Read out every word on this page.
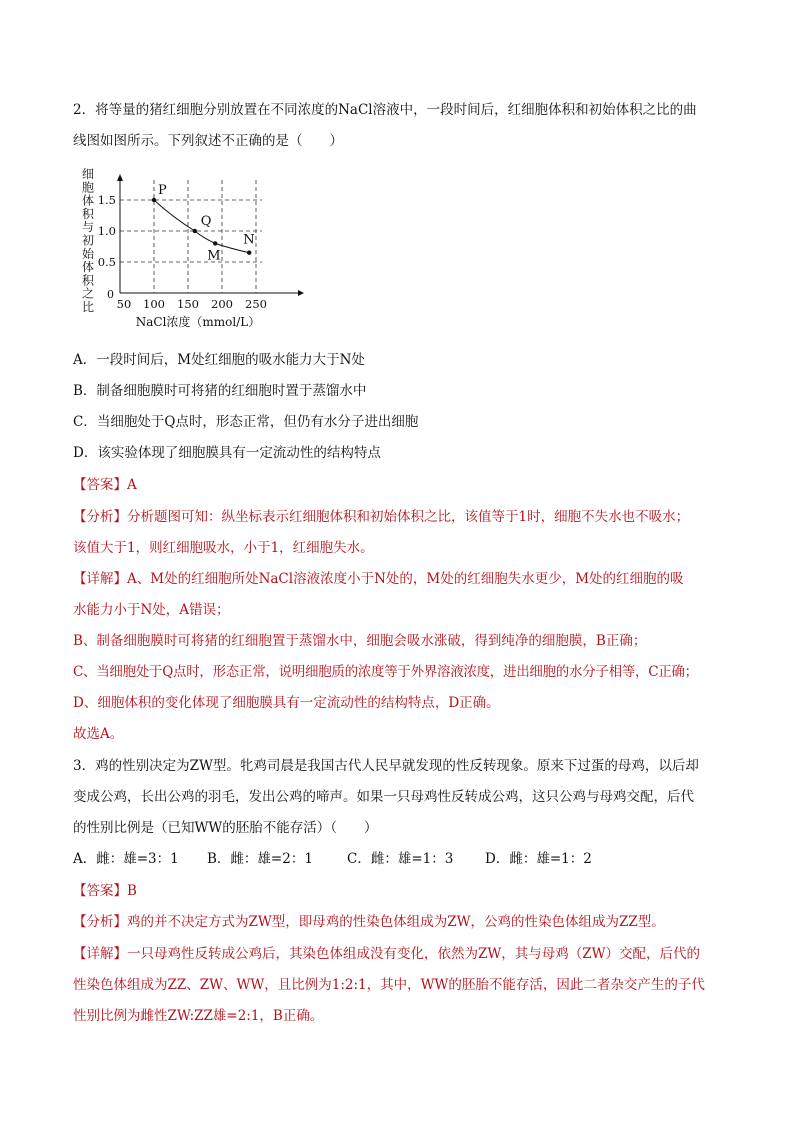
2．将等量的猪红细胞分别放置在不同浓度的NaCl溶液中，一段时间后，红细胞体积和初始体积之比的曲
线图如图所示。下列叙述不正确的是（　　）
细
胞
体
积
与
初
始
体
积
之
比 50 100 150 200 250
0.5
1.0
1.5
P
Q
M
N
0
NaCl浓度（mmol/L）
A．一段时间后，M处红细胞的吸水能力大于N处
B．制备细胞膜时可将猪的红细胞时置于蒸馏水中
C．当细胞处于Q点时，形态正常，但仍有水分子进出细胞
D．该实验体现了细胞膜具有一定流动性的结构特点
【答案】A
【分析】分析题图可知：纵坐标表示红细胞体积和初始体积之比，该值等于1时，细胞不失水也不吸水；
该值大于1，则红细胞吸水，小于1，红细胞失水。
【详解】A、M处的红细胞所处NaCl溶液浓度小于N处的，M处的红细胞失水更少，M处的红细胞的吸
水能力小于N处，A错误；
B、制备细胞膜时可将猪的红细胞置于蒸馏水中，细胞会吸水涨破，得到纯净的细胞膜，B正确；
C、当细胞处于Q点时，形态正常，说明细胞质的浓度等于外界溶液浓度，进出细胞的水分子相等，C正确；
D、细胞体积的变化体现了细胞膜具有一定流动性的结构特点，D正确。
故选A。
3．鸡的性别决定为ZW型。牝鸡司晨是我国古代人民早就发现的性反转现象。原来下过蛋的母鸡，以后却
变成公鸡，长出公鸡的羽毛，发出公鸡的啼声。如果一只母鸡性反转成公鸡，这只公鸡与母鸡交配，后代
的性别比例是（已知WW的胚胎不能存活）（　　）
A．雌：雄=3：1	B．雌：雄=2：1	C．雌：雄=1：3	D．雌：雄=1：2
【答案】B
【分析】鸡的并不决定方式为ZW型，即母鸡的性染色体组成为ZW，公鸡的性染色体组成为ZZ型。
【详解】一只母鸡性反转成公鸡后，其染色体组成没有变化，依然为ZW，其与母鸡（ZW）交配，后代的
性染色体组成为ZZ、ZW、WW，且比例为1:2:1，其中，WW的胚胎不能存活，因此二者杂交产生的子代
性别比例为雌性ZW:ZZ雄=2:1，B正确。
